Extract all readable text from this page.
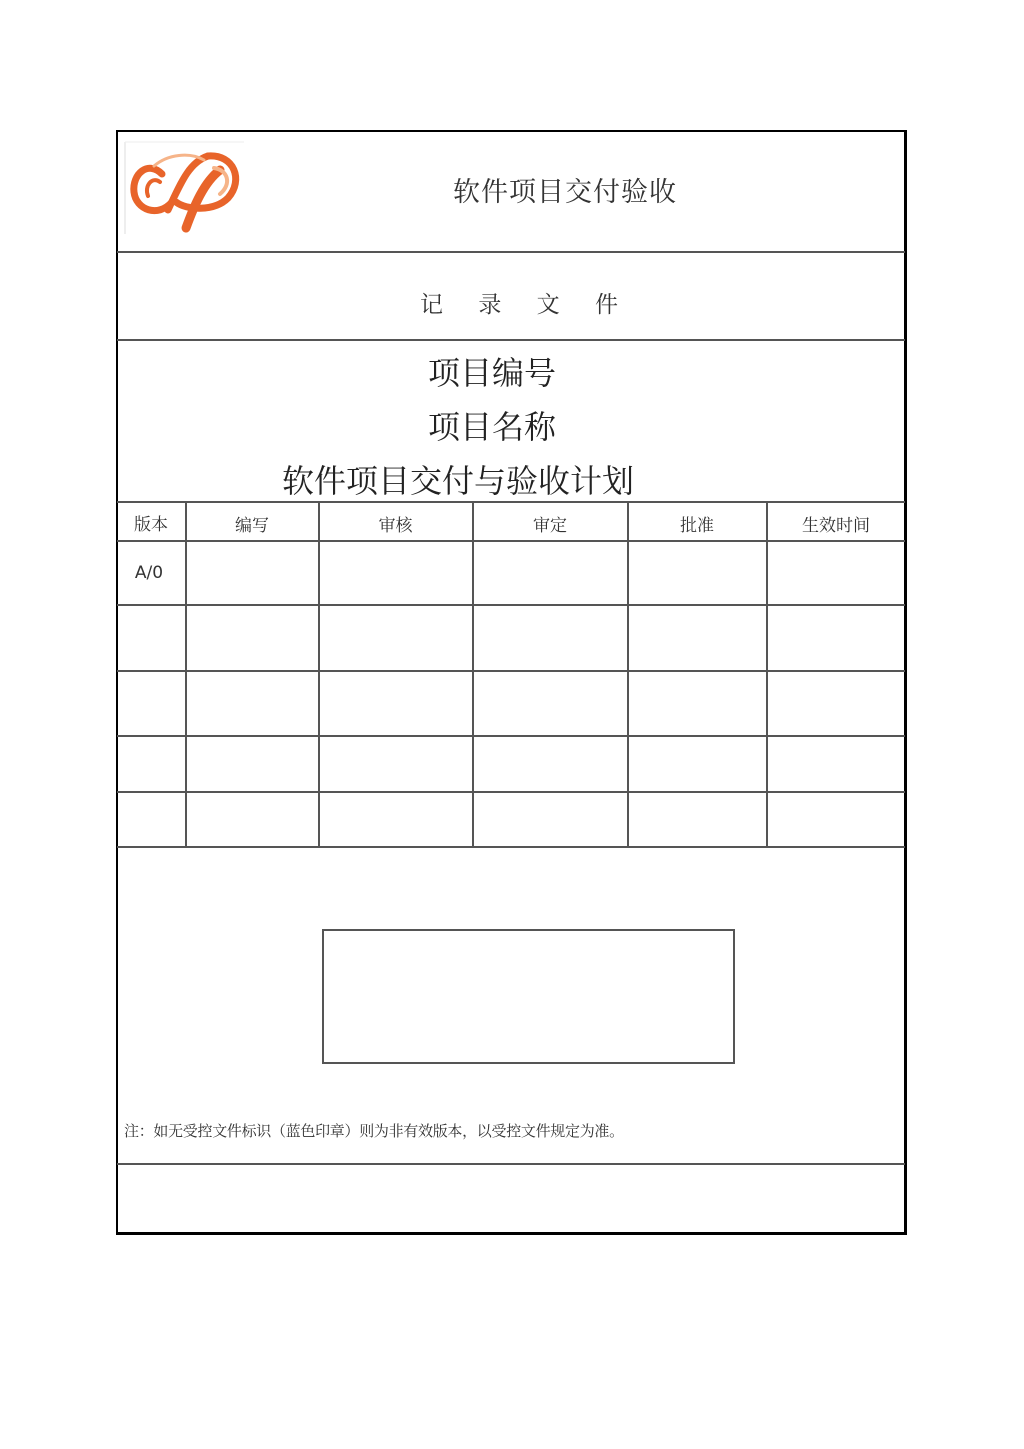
软件项目交付验收
记 录 文 件
项目编号
项目名称
软件项目交付与验收计划
版本	编写	审核	审定	批准	生效时间
A/0
注：如无受控文件标识（蓝色印章）则为非有效版本，以受控文件规定为准。
